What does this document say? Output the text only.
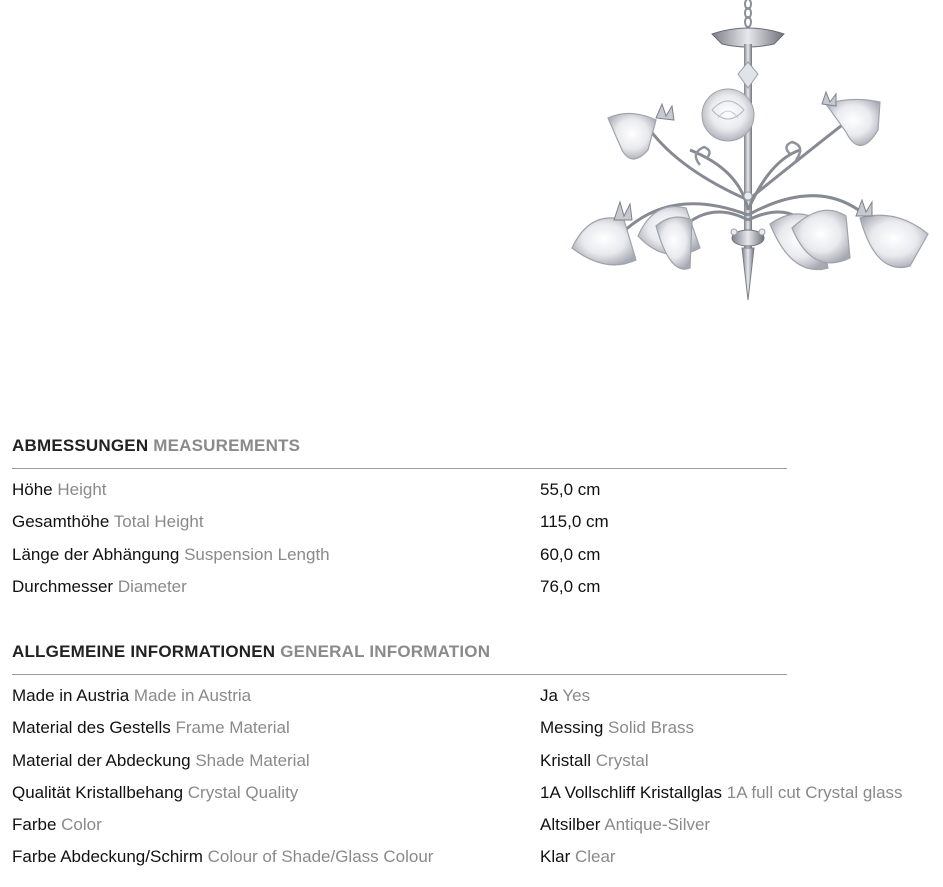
ABMESSUNGEN MEASUREMENTS
Höhe Height	55,0 cm
Gesamthöhe Total Height	115,0 cm
Länge der Abhängung Suspension Length	60,0 cm
Durchmesser Diameter	76,0 cm
ALLGEMEINE INFORMATIONEN GENERAL INFORMATION
Made in Austria Made in Austria	Ja Yes
Material des Gestells Frame Material	Messing Solid Brass
Material der Abdeckung Shade Material	Kristall Crystal
Qualität Kristallbehang Crystal Quality	1A Vollschliff Kristallglas 1A full cut Crystal glass
Farbe Color	Altsilber Antique-Silver
Farbe Abdeckung/Schirm Colour of Shade/Glass Colour	Klar Clear
